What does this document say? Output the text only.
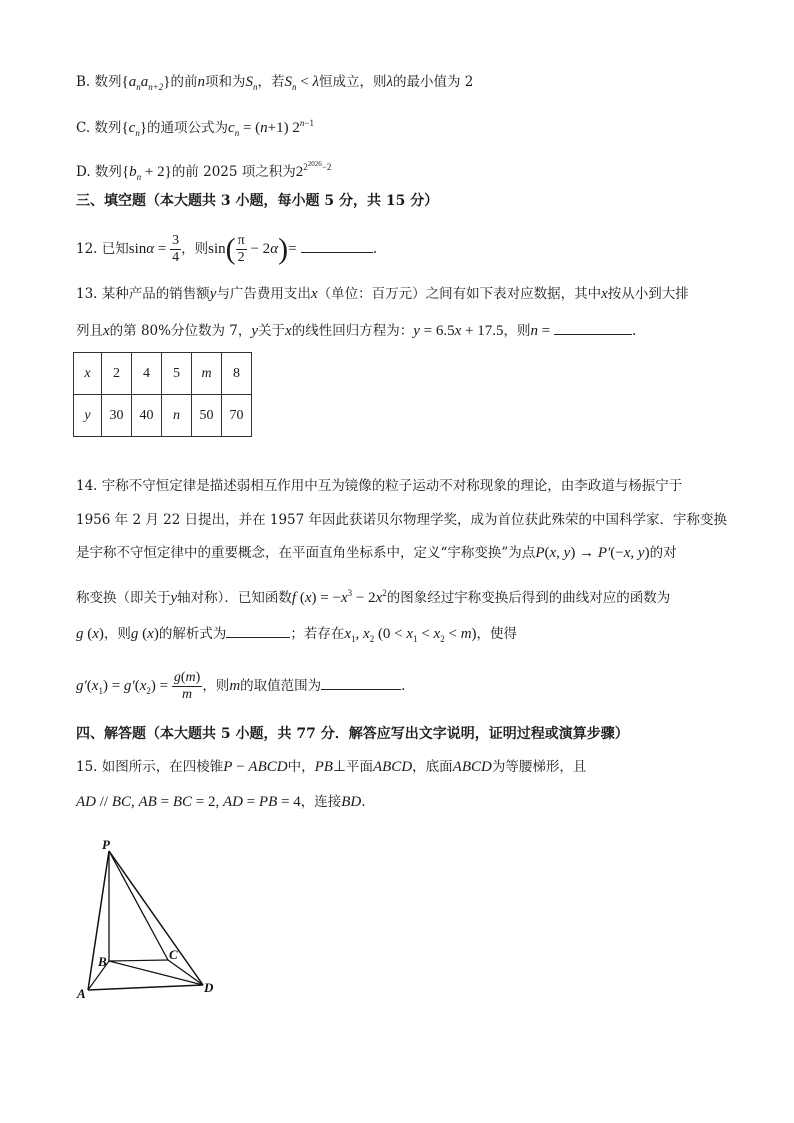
B. 数列$\{a_na_{n+2}\}$的前n项和为$S_n$，若$S_n < \lambda$恒成立，则λ的最小值为 2
C. 数列$\{c_n\}$的通项公式为$c_n = (n+1)$ $2^{n-1}$
D. 数列$\{b_n + 2\}$的前 2025 项之积为$2^{2^{2026}-2}$
三、填空题（本大题共 3 小题，每小题 5 分，共 15 分）
12. 已知$\sin\alpha = \frac{3}{4}$ ，则$\sin( \frac{\pi}{2} - 2\alpha)=$	.
13. 某种产品的销售额y与广告费用支出x（单位：百万元）之间有如下表对应数据，其中x按从小到大排
列且x的第 80%分位数为 7，y关于x的线性回归方程为：y = 6.5x + 17.5，则n =	.
x	2	4	5	m	8
y	30	40	n	50	70
14. 宇称不守恒定律是描述弱相互作用中互为镜像的粒子运动不对称现象的理论，由李政道与杨振宁于
1956 年 2 月 22 日提出，并在 1957 年因此获诺贝尔物理学奖，成为首位获此殊荣的中国科学家．宇称变换
是宇称不守恒定律中的重要概念，在平面直角坐标系中，定义“宇称变换”为点P(x, y) → P′(−x, y)的对
称变换（即关于y轴对称）．已知函数f $(x) = -x^3 - 2x^2$的图象经过宇称变换后得到的曲线对应的函数为
g (x)，则g (x)的解析式为	；若存在$x_1$, $x_2$ $(0 < x_1 < x_2 < m)$，使得
$g'(x_1) = g'(x_2) = \frac{g(m)}{m}$ ，则m的取值范围为	.
四、解答题（本大题共 5 小题，共 77 分．解答应写出文字说明，证明过程或演算步骤）
15. 如图所示，在四棱锥P − ABCD中，PB⊥平面ABCD，底面ABCD为等腰梯形，且
AD // BC, AB = BC = 2, AD = PB = 4，连接BD.
P
B	C
A	D
